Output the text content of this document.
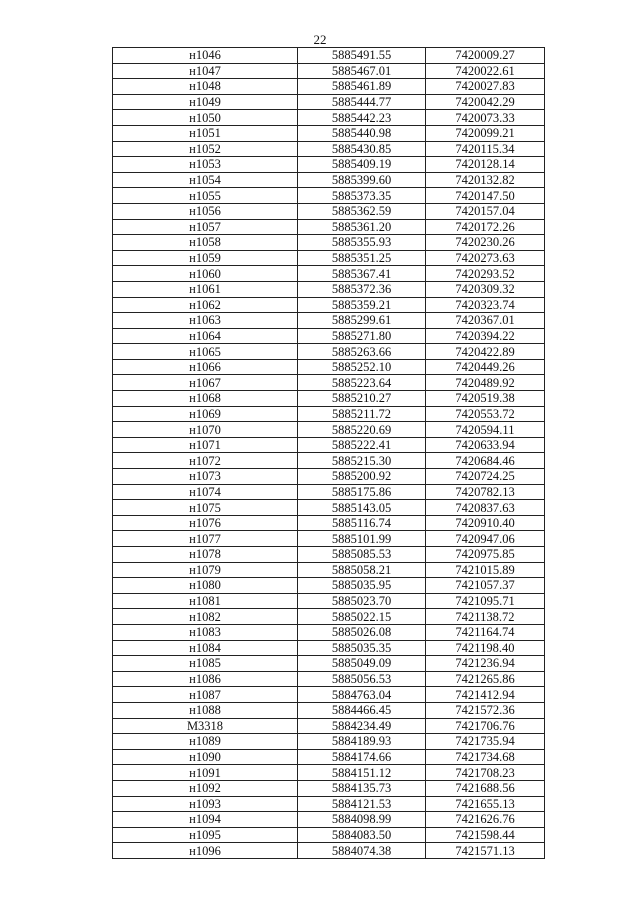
22
н1046	5885491.55	7420009.27
н1047	5885467.01	7420022.61
н1048	5885461.89	7420027.83
н1049	5885444.77	7420042.29
н1050	5885442.23	7420073.33
н1051	5885440.98	7420099.21
н1052	5885430.85	7420115.34
н1053	5885409.19	7420128.14
н1054	5885399.60	7420132.82
н1055	5885373.35	7420147.50
н1056	5885362.59	7420157.04
н1057	5885361.20	7420172.26
н1058	5885355.93	7420230.26
н1059	5885351.25	7420273.63
н1060	5885367.41	7420293.52
н1061	5885372.36	7420309.32
н1062	5885359.21	7420323.74
н1063	5885299.61	7420367.01
н1064	5885271.80	7420394.22
н1065	5885263.66	7420422.89
н1066	5885252.10	7420449.26
н1067	5885223.64	7420489.92
н1068	5885210.27	7420519.38
н1069	5885211.72	7420553.72
н1070	5885220.69	7420594.11
н1071	5885222.41	7420633.94
н1072	5885215.30	7420684.46
н1073	5885200.92	7420724.25
н1074	5885175.86	7420782.13
н1075	5885143.05	7420837.63
н1076	5885116.74	7420910.40
н1077	5885101.99	7420947.06
н1078	5885085.53	7420975.85
н1079	5885058.21	7421015.89
н1080	5885035.95	7421057.37
н1081	5885023.70	7421095.71
н1082	5885022.15	7421138.72
н1083	5885026.08	7421164.74
н1084	5885035.35	7421198.40
н1085	5885049.09	7421236.94
н1086	5885056.53	7421265.86
н1087	5884763.04	7421412.94
н1088	5884466.45	7421572.36
М3318	5884234.49	7421706.76
н1089	5884189.93	7421735.94
н1090	5884174.66	7421734.68
н1091	5884151.12	7421708.23
н1092	5884135.73	7421688.56
н1093	5884121.53	7421655.13
н1094	5884098.99	7421626.76
н1095	5884083.50	7421598.44
н1096	5884074.38	7421571.13
